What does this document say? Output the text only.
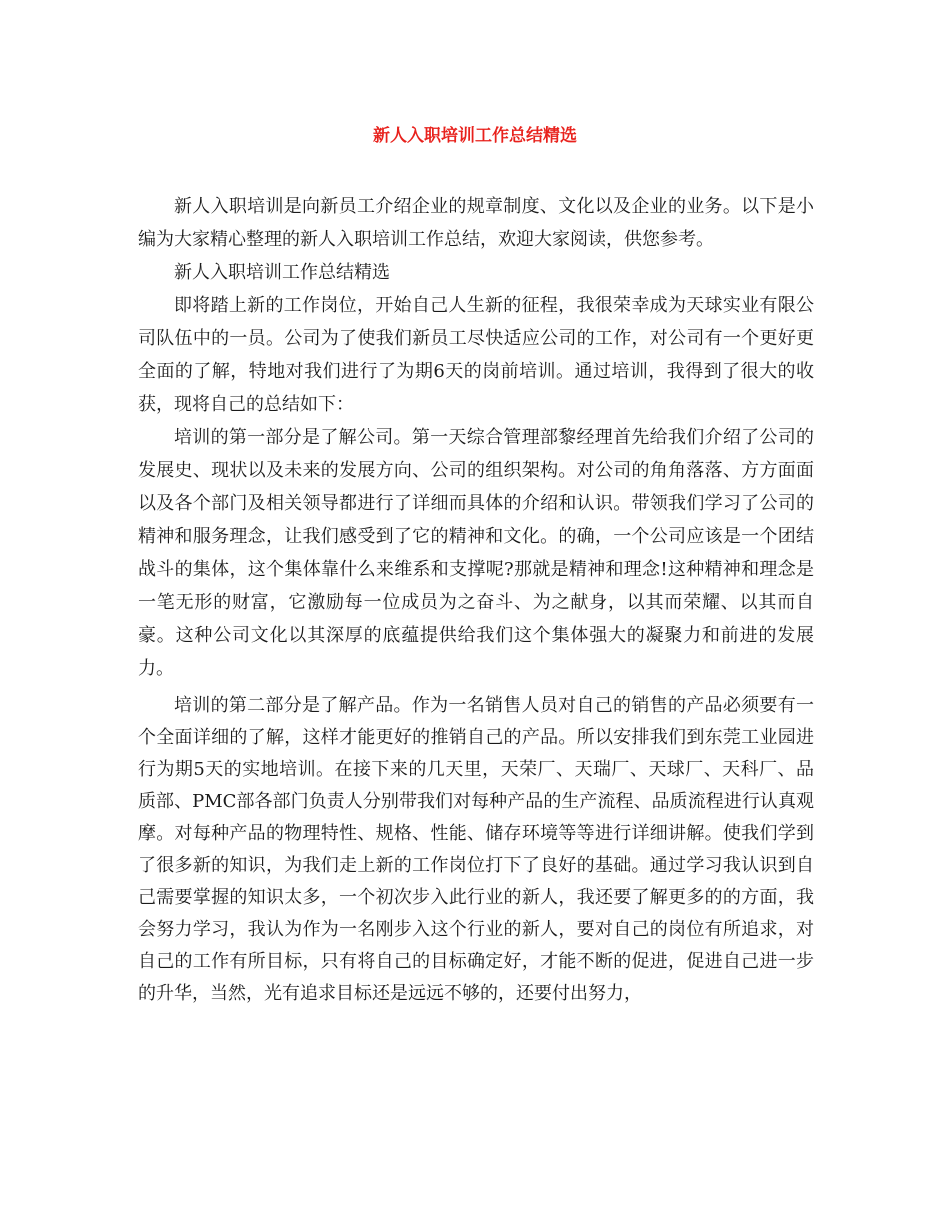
新人入职培训工作总结精选

新人入职培训是向新员工介绍企业的规章制度、文化以及企业的业务。以下是小编为大家精心整理的新人入职培训工作总结，欢迎大家阅读，供您参考。

新人入职培训工作总结精选

即将踏上新的工作岗位，开始自己人生新的征程，我很荣幸成为天球实业有限公司队伍中的一员。公司为了使我们新员工尽快适应公司的工作，对公司有一个更好更全面的了解，特地对我们进行了为期6天的岗前培训。通过培训，我得到了很大的收获，现将自己的总结如下：

培训的第一部分是了解公司。第一天综合管理部黎经理首先给我们介绍了公司的发展史、现状以及未来的发展方向、公司的组织架构。对公司的角角落落、方方面面以及各个部门及相关领导都进行了详细而具体的介绍和认识。带领我们学习了公司的精神和服务理念，让我们感受到了它的精神和文化。的确，一个公司应该是一个团结战斗的集体，这个集体靠什么来维系和支撑呢?那就是精神和理念!这种精神和理念是一笔无形的财富，它激励每一位成员为之奋斗、为之献身，以其而荣耀、以其而自豪。这种公司文化以其深厚的底蕴提供给我们这个集体强大的凝聚力和前进的发展力。

培训的第二部分是了解产品。作为一名销售人员对自己的销售的产品必须要有一个全面详细的了解，这样才能更好的推销自己的产品。所以安排我们到东莞工业园进行为期5天的实地培训。在接下来的几天里，天荣厂、天瑞厂、天球厂、天科厂、品质部、PMC部各部门负责人分别带我们对每种产品的生产流程、品质流程进行认真观摩。对每种产品的物理特性、规格、性能、储存环境等等进行详细讲解。使我们学到了很多新的知识，为我们走上新的工作岗位打下了良好的基础。通过学习我认识到自己需要掌握的知识太多，一个初次步入此行业的新人，我还要了解更多的的方面，我会努力学习，我认为作为一名刚步入这个行业的新人，要对自己的岗位有所追求，对自己的工作有所目标，只有将自己的目标确定好，才能不断的促进，促进自己进一步的升华，当然，光有追求目标还是远远不够的，还要付出努力，
